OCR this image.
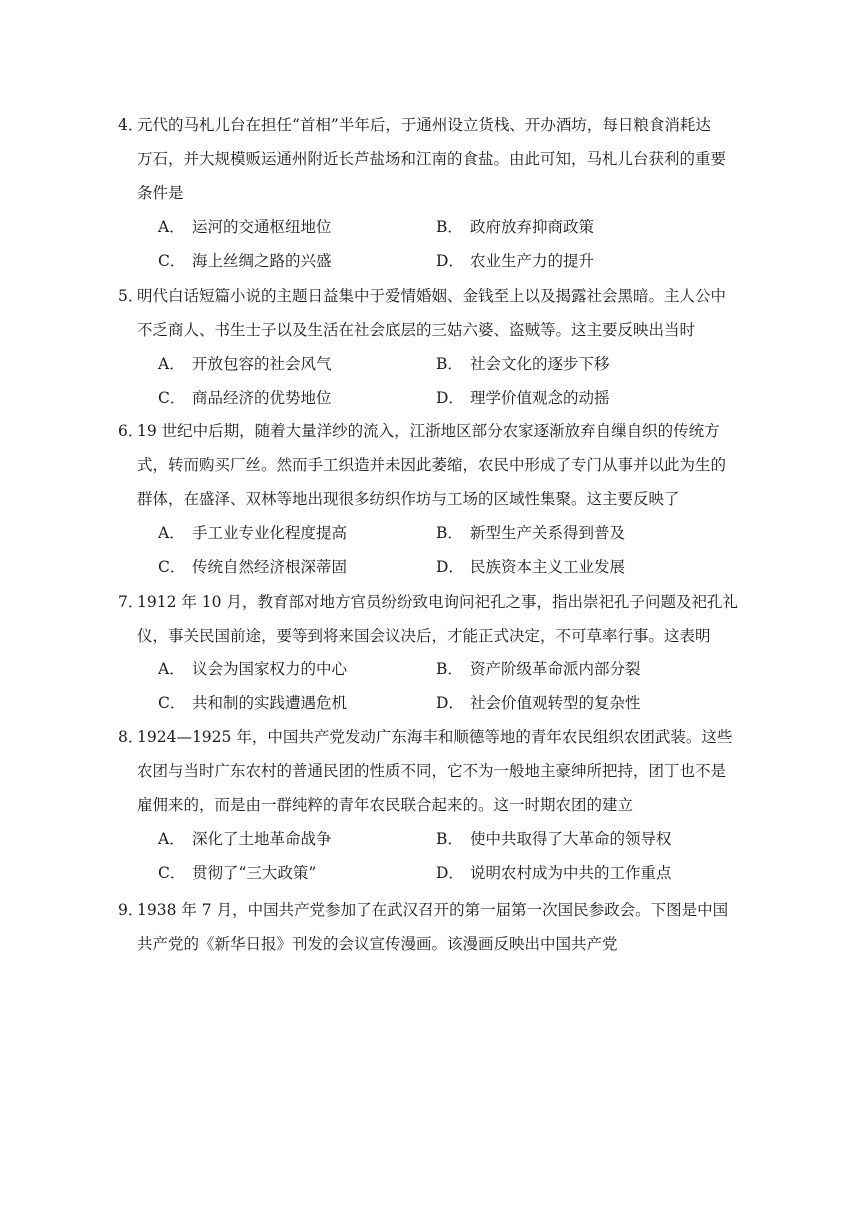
4．
元代的马札儿台在担任“首相”半年后，于通州设立货栈、开办酒坊，每日粮食消耗达
万石，并大规模贩运通州附近长芦盐场和江南的食盐。由此可知，马札儿台获利的重要
条件是
A． 运河的交通枢纽地位	B． 政府放弃抑商政策
C． 海上丝绸之路的兴盛	D． 农业生产力的提升
5．
明代白话短篇小说的主题日益集中于爱情婚姻、金钱至上以及揭露社会黑暗。主人公中
不乏商人、书生士子以及生活在社会底层的三姑六婆、盗贼等。这主要反映出当时
A． 开放包容的社会风气	B． 社会文化的逐步下移
C． 商品经济的优势地位	D． 理学价值观念的动摇
6．
19 世纪中后期，随着大量洋纱的流入，江浙地区部分农家逐渐放弃自缫自织的传统方
式，转而购买厂丝。然而手工织造并未因此萎缩，农民中形成了专门从事并以此为生的
群体，在盛泽、双林等地出现很多纺织作坊与工场的区域性集聚。这主要反映了
A． 手工业专业化程度提高	B． 新型生产关系得到普及
C． 传统自然经济根深蒂固	D． 民族资本主义工业发展
7．
1912 年 10 月，教育部对地方官员纷纷致电询问祀孔之事，指出崇祀孔子问题及祀孔礼
仪，事关民国前途，要等到将来国会议决后，才能正式决定，不可草率行事。这表明
A． 议会为国家权力的中心	B． 资产阶级革命派内部分裂
C． 共和制的实践遭遇危机	D． 社会价值观转型的复杂性
8．
1924—1925 年，中国共产党发动广东海丰和顺德等地的青年农民组织农团武装。这些
农团与当时广东农村的普通民团的性质不同，它不为一般地主豪绅所把持，团丁也不是
雇佣来的，而是由一群纯粹的青年农民联合起来的。这一时期农团的建立
A． 深化了土地革命战争	B． 使中共取得了大革命的领导权
C． 贯彻了“三大政策”	D． 说明农村成为中共的工作重点
9．
1938 年 7 月，中国共产党参加了在武汉召开的第一届第一次国民参政会。下图是中国
共产党的《新华日报》刊发的会议宣传漫画。该漫画反映出中国共产党
